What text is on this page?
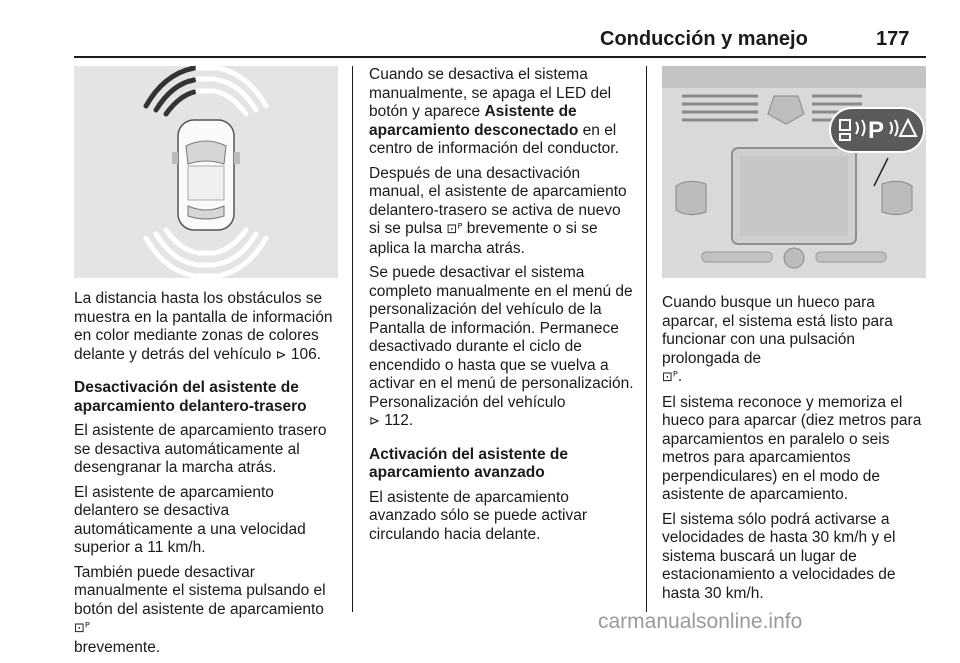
Conducción y manejo	177

La distancia hasta los obstáculos se muestra en la pantalla de información en color mediante zonas de colores delante y detrás del vehículo ⊳ 106.

Desactivación del asistente de
aparcamiento delantero-trasero

El asistente de aparcamiento trasero se desactiva automáticamente al desengranar la marcha atrás.

El asistente de aparcamiento delantero se desactiva automáticamente a una velocidad superior a 11 km/h.

También puede desactivar manualmente el sistema pulsando el botón del asistente de aparcamiento ⊡ᴾ
brevemente.

Cuando se desactiva el sistema manualmente, se apaga el LED del botón y aparece Asistente de aparcamiento desconectado en el centro de información del conductor.

Después de una desactivación manual, el asistente de aparcamiento delantero-trasero se activa de nuevo si se pulsa ⊡ᴾ brevemente o si se aplica la marcha atrás.

Se puede desactivar el sistema completo manualmente en el menú de personalización del vehículo de la Pantalla de información. Permanece desactivado durante el ciclo de encendido o hasta que se vuelva a activar en el menú de personalización. Personalización del vehículo
⊳ 112.

Activación del asistente de
aparcamiento avanzado

El asistente de aparcamiento avanzado sólo se puede activar circulando hacia delante.

P

Cuando busque un hueco para aparcar, el sistema está listo para funcionar con una pulsación prolongada de
⊡ᴾ.

El sistema reconoce y memoriza el hueco para aparcar (diez metros para aparcamientos en paralelo o seis metros para aparcamientos perpendiculares) en el modo de asistente de aparcamiento.

El sistema sólo podrá activarse a velocidades de hasta 30 km/h y el sistema buscará un lugar de estacionamiento a velocidades de hasta 30 km/h.

carmanualsonline.info
